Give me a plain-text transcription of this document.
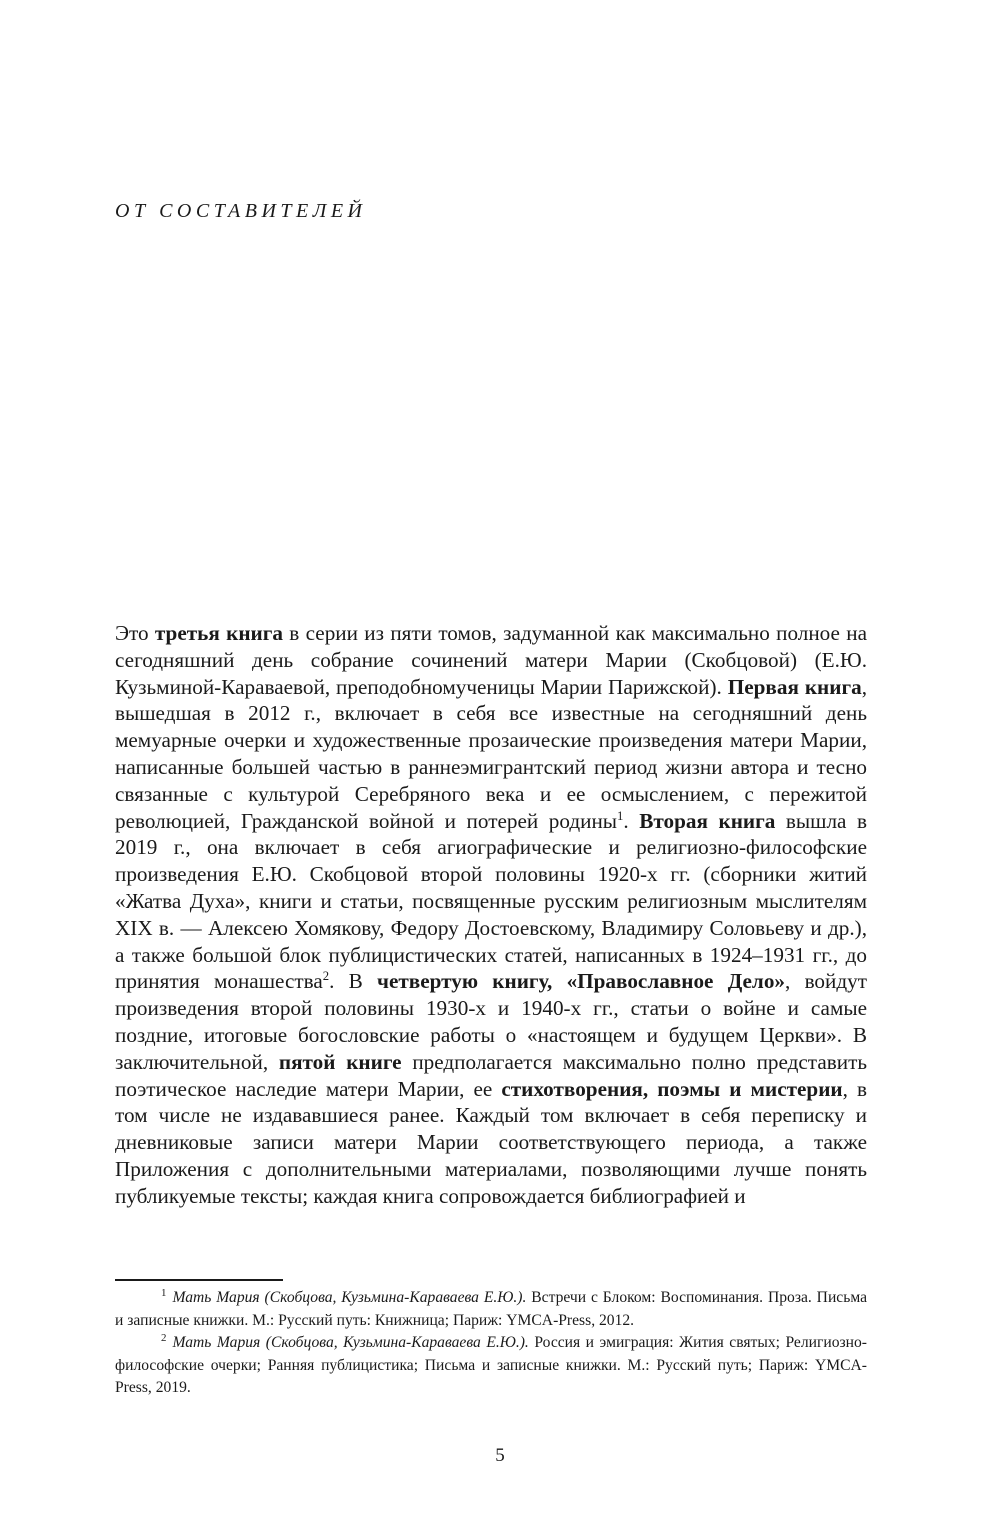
ОТ СОСТАВИТЕЛЕЙ

Это третья книга в серии из пяти томов, задуманной как максимально полное на сегодняшний день собрание сочинений матери Марии (Скобцовой) (Е.Ю. Кузьминой-Караваевой, преподобномученицы Марии Парижской). Первая книга, вышедшая в 2012 г., включает в себя все известные на сегодняшний день мемуарные очерки и художественные прозаические произведения матери Марии, написанные большей частью в раннеэмигрантский период жизни автора и тесно связанные с культурой Серебряного века и ее осмыслением, с пережитой революцией, Гражданской войной и потерей родины$^1$. Вторая книга вышла в 2019 г., она включает в себя агиографические и религиозно-философские произведения Е.Ю. Скобцовой второй половины 1920-х гг. (сборники житий «Жатва Духа», книги и статьи, посвященные русским религиозным мыслителям XIX в. — Алексею Хомякову, Федору Достоевскому, Владимиру Соловьеву и др.), а также большой блок публицистических статей, написанных в 1924–1931 гг., до принятия монашества$^2$. В четвертую книгу, «Православное Дело», войдут произведения второй половины 1930-х и 1940-х гг., статьи о войне и самые поздние, итоговые богословские работы о «настоящем и будущем Церкви». В заключительной, пятой книге предполагается максимально полно представить поэтическое наследие матери Марии, ее стихотворения, поэмы и мистерии, в том числе не издававшиеся ранее. Каждый том включает в себя переписку и дневниковые записи матери Марии соответствующего периода, а также Приложения с дополнительными материалами, позволяющими лучше понять публикуемые тексты; каждая книга сопровождается библиографией и

$^1$ Мать Мария (Скобцова, Кузьмина-Караваева Е.Ю.). Встречи с Блоком: Воспоминания. Проза. Письма и записные книжки. М.: Русский путь: Книжница; Париж: YMCA-Press, 2012.

$^2$ Мать Мария (Скобцова, Кузьмина-Караваева Е.Ю.). Россия и эмиграция: Жития святых; Религиозно-философские очерки; Ранняя публицистика; Письма и записные книжки. М.: Русский путь; Париж: YMCA-Press, 2019.

5
